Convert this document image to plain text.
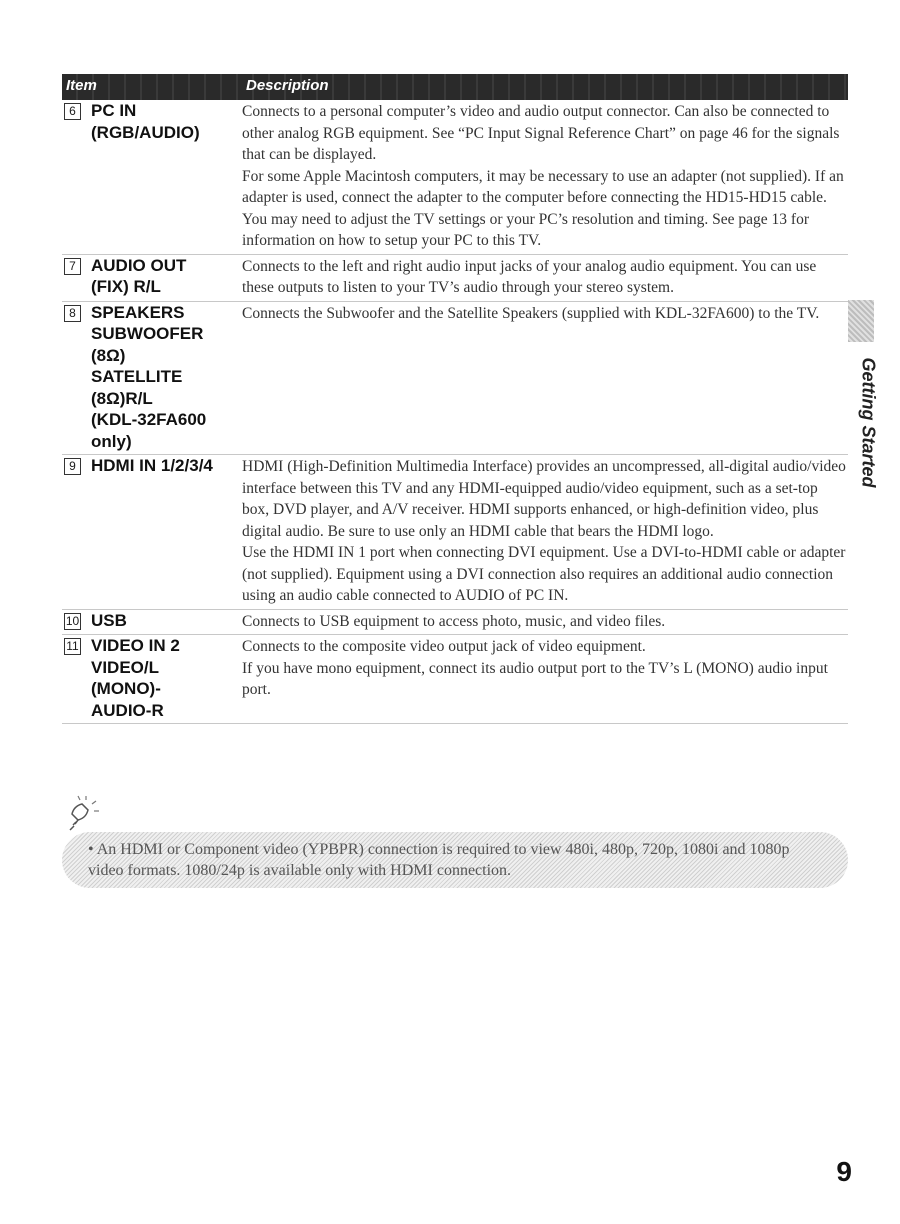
Item	Description
6 PC IN
(RGB/AUDIO)

Connects to a personal computer’s video and audio output connector. Can also be connected to other analog RGB equipment. See “PC Input Signal Reference Chart” on page 46 for the signals that can be displayed.

For some Apple Macintosh computers, it may be necessary to use an adapter (not supplied). If an adapter is used, connect the adapter to the computer before connecting the HD15-HD15 cable.

You may need to adjust the TV settings or your PC’s resolution and timing. See page 13 for information on how to setup your PC to this TV.

7 AUDIO OUT
(FIX) R/L

Connects to the left and right audio input jacks of your analog audio equipment. You can use these outputs to listen to your TV’s audio through your stereo system.

8 SPEAKERS
SUBWOOFER
(8Ω)
SATELLITE
(8Ω)R/L
(KDL-32FA600
only)

Connects the Subwoofer and the Satellite Speakers (supplied with KDL-32FA600) to the TV.

9 HDMI IN 1/2/3/4 HDMI (High-Definition Multimedia Interface) provides an uncompressed, all-digital audio/video interface between this TV and any HDMI-equipped audio/video equipment, such as a set-top box, DVD player, and A/V receiver. HDMI supports enhanced, or high-definition video, plus digital audio. Be sure to use only an HDMI cable that bears the HDMI logo.

Use the HDMI IN 1 port when connecting DVI equipment. Use a DVI-to-HDMI cable or adapter (not supplied). Equipment using a DVI connection also requires an additional audio connection using an audio cable connected to AUDIO of PC IN.

10 USB	Connects to USB equipment to access photo, music, and video files.

11 VIDEO IN 2
VIDEO/L
(MONO)-
AUDIO-R

Connects to the composite video output jack of video equipment.

If you have mono equipment, connect its audio output port to the TV’s L (MONO) audio input port.

Getting Started
• An HDMI or Component video (YPBPR) connection is required to view 480i, 480p, 720p, 1080i and 1080p video formats. 1080/24p is available only with HDMI connection.
9
